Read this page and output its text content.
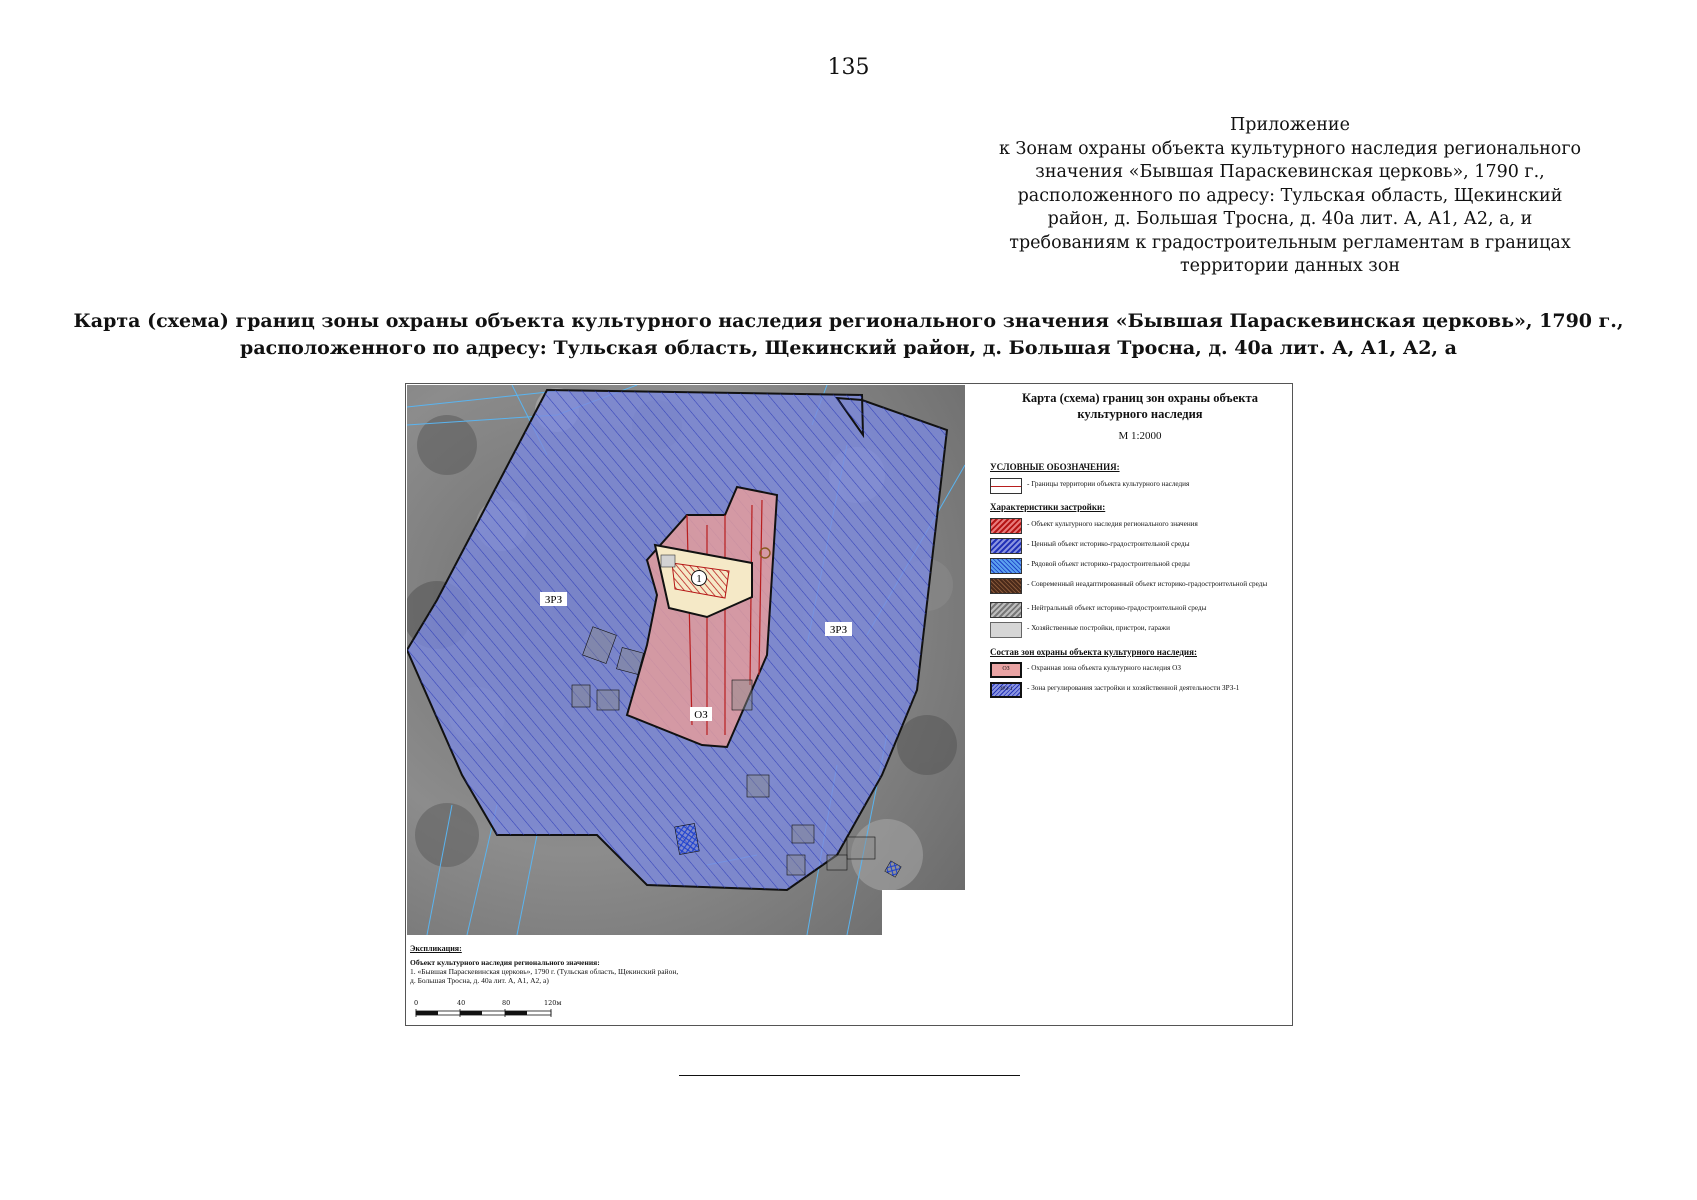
135
Приложение
к Зонам охраны объекта культурного наследия регионального
значения «Бывшая Параскевинская церковь», 1790 г.,
расположенного по адресу: Тульская область, Щекинский
район, д. Большая Тросна, д. 40а лит. А, А1, А2, а, и
требованиям к градостроительным регламентам в границах
территории данных зон
Карта (схема) границ зоны охраны объекта культурного наследия регионального значения «Бывшая Параскевинская церковь», 1790 г.,
расположенного по адресу: Тульская область, Щекинский район, д. Большая Тросна, д. 40а лит. А, А1, А2, а
ЗРЗ
ЗРЗ
ОЗ
1
Карта (схема) границ зон охраны объекта
культурного наследия
М 1:2000
УСЛОВНЫЕ ОБОЗНАЧЕНИЯ:
- Границы территории объекта культурного наследия
Характеристики застройки:
- Объект культурного наследия регионального значения
- Ценный объект историко-градостроительной среды
- Рядовой объект историко-градостроительной среды
- Современный неадаптированный объект историко-градостроительной среды
- Нейтральный объект историко-градостроительной среды
- Хозяйственные постройки, пристрои, гаражи
Состав зон охраны объекта культурного наследия:
ОЗ	- Охранная зона объекта культурного наследия ОЗ
ЗРЗ-1	- Зона регулирования застройки и хозяйственной деятельности ЗРЗ-1
Экспликация:
Объект культурного наследия регионального значения:
1. «Бывшая Параскевинская церковь», 1790 г. (Тульская область, Щекинский район,
д. Большая Тросна, д. 40а лит. А, А1, А2, а)
0	40	80	120м
